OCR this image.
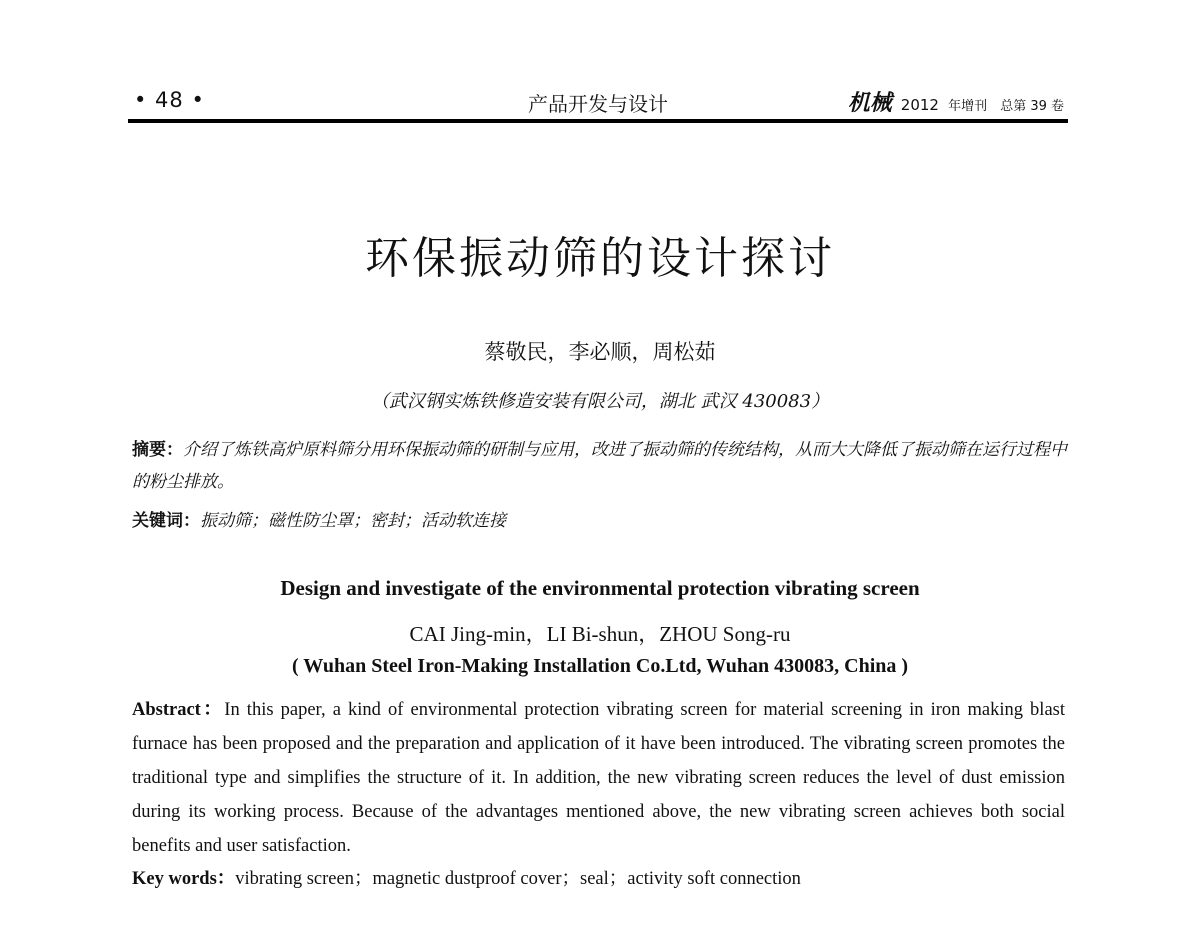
• 48 •	产品开发与设计	机械 2012 年增刊 总第 39 卷
环保振动筛的设计探讨
蔡敬民，李必顺，周松茹
（武汉钢实炼铁修造安装有限公司，湖北 武汉 430083）
摘要：介绍了炼铁高炉原料筛分用环保振动筛的研制与应用，改进了振动筛的传统结构，从而大大降低了振动筛在运行过程中的粉尘排放。
关键词：振动筛；磁性防尘罩；密封；活动软连接
Design and investigate of the environmental protection vibrating screen
CAI Jing-min，LI Bi-shun，ZHOU Song-ru
( Wuhan Steel Iron-Making Installation Co.Ltd, Wuhan 430083, China )
Abstract：In this paper, a kind of environmental protection vibrating screen for material screening in iron making blast furnace has been proposed and the preparation and application of it have been introduced. The vibrating screen promotes the traditional type and simplifies the structure of it. In addition, the new vibrating screen reduces the level of dust emission during its working process. Because of the advantages mentioned above, the new vibrating screen achieves both social benefits and user satisfaction.
Key words：vibrating screen；magnetic dustproof cover；seal；activity soft connection
